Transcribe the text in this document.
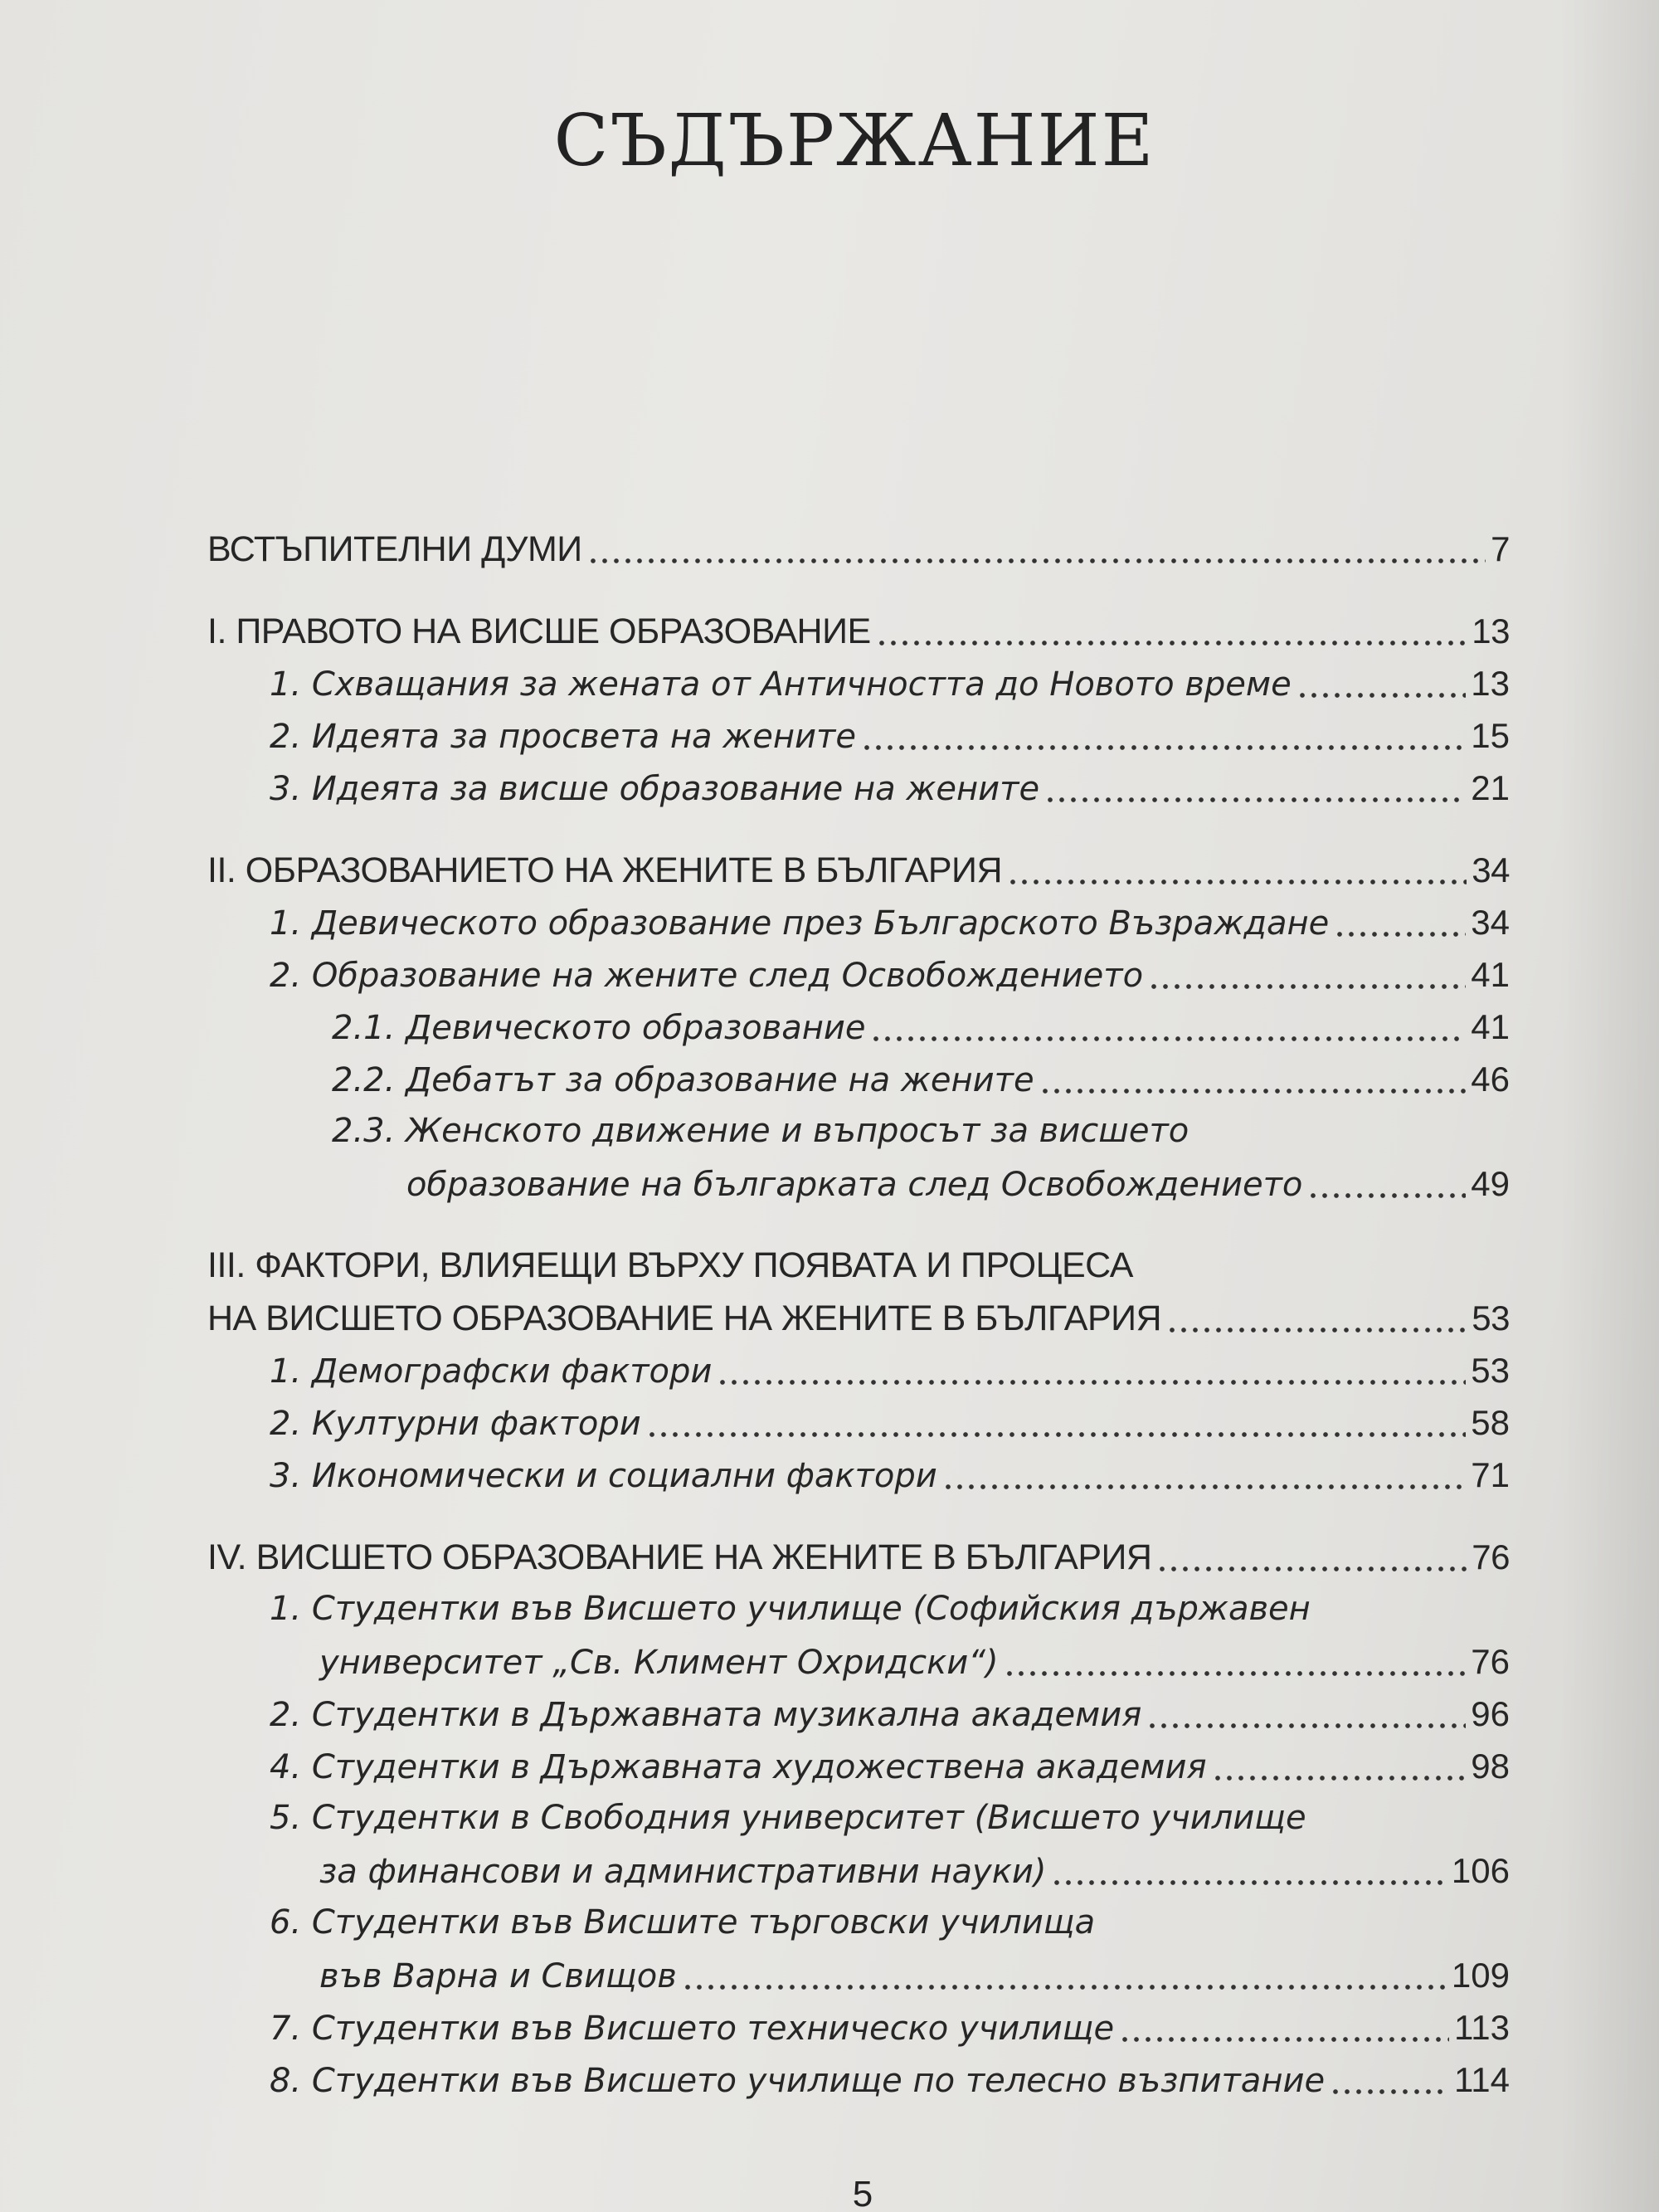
СЪДЪРЖАНИЕ
ВСТЪПИТЕЛНИ ДУМИ	7
I. ПРАВОТО НА ВИСШЕ ОБРАЗОВАНИЕ	13
1. Схващания за жената от Античността до Новото време	13
2. Идеята за просвета на жените	15
3. Идеята за висше образование на жените	21
II. ОБРАЗОВАНИЕТО НА ЖЕНИТЕ В БЪЛГАРИЯ	34
1. Девическото образование през Българското Възраждане	34
2. Образование на жените след Освобождението	41
2.1. Девическото образование	41
2.2. Дебатът за образование на жените	46
2.3. Женското движение и въпросът за висшето
образование на българката след Освобождението	49
III. ФАКТОРИ, ВЛИЯЕЩИ ВЪРХУ ПОЯВАТА И ПРОЦЕСА
НА ВИСШЕТО ОБРАЗОВАНИЕ НА ЖЕНИТЕ В БЪЛГАРИЯ	53
1. Демографски фактори	53
2. Културни фактори	58
3. Икономически и социални фактори	71
IV. ВИСШЕТО ОБРАЗОВАНИЕ НА ЖЕНИТЕ В БЪЛГАРИЯ	76
1. Студентки във Висшето училище (Софийския държавен
университет „Св. Климент Охридски“)	76
2. Студентки в Държавната музикална академия	96
4. Студентки в Държавната художествена академия	98
5. Студентки в Свободния университет (Висшето училище
за финансови и административни науки)	106
6. Студентки във Висшите търговски училища
във Варна и Свищов	109
7. Студентки във Висшето техническо училище	113
8. Студентки във Висшето училище по телесно възпитание	114
5
